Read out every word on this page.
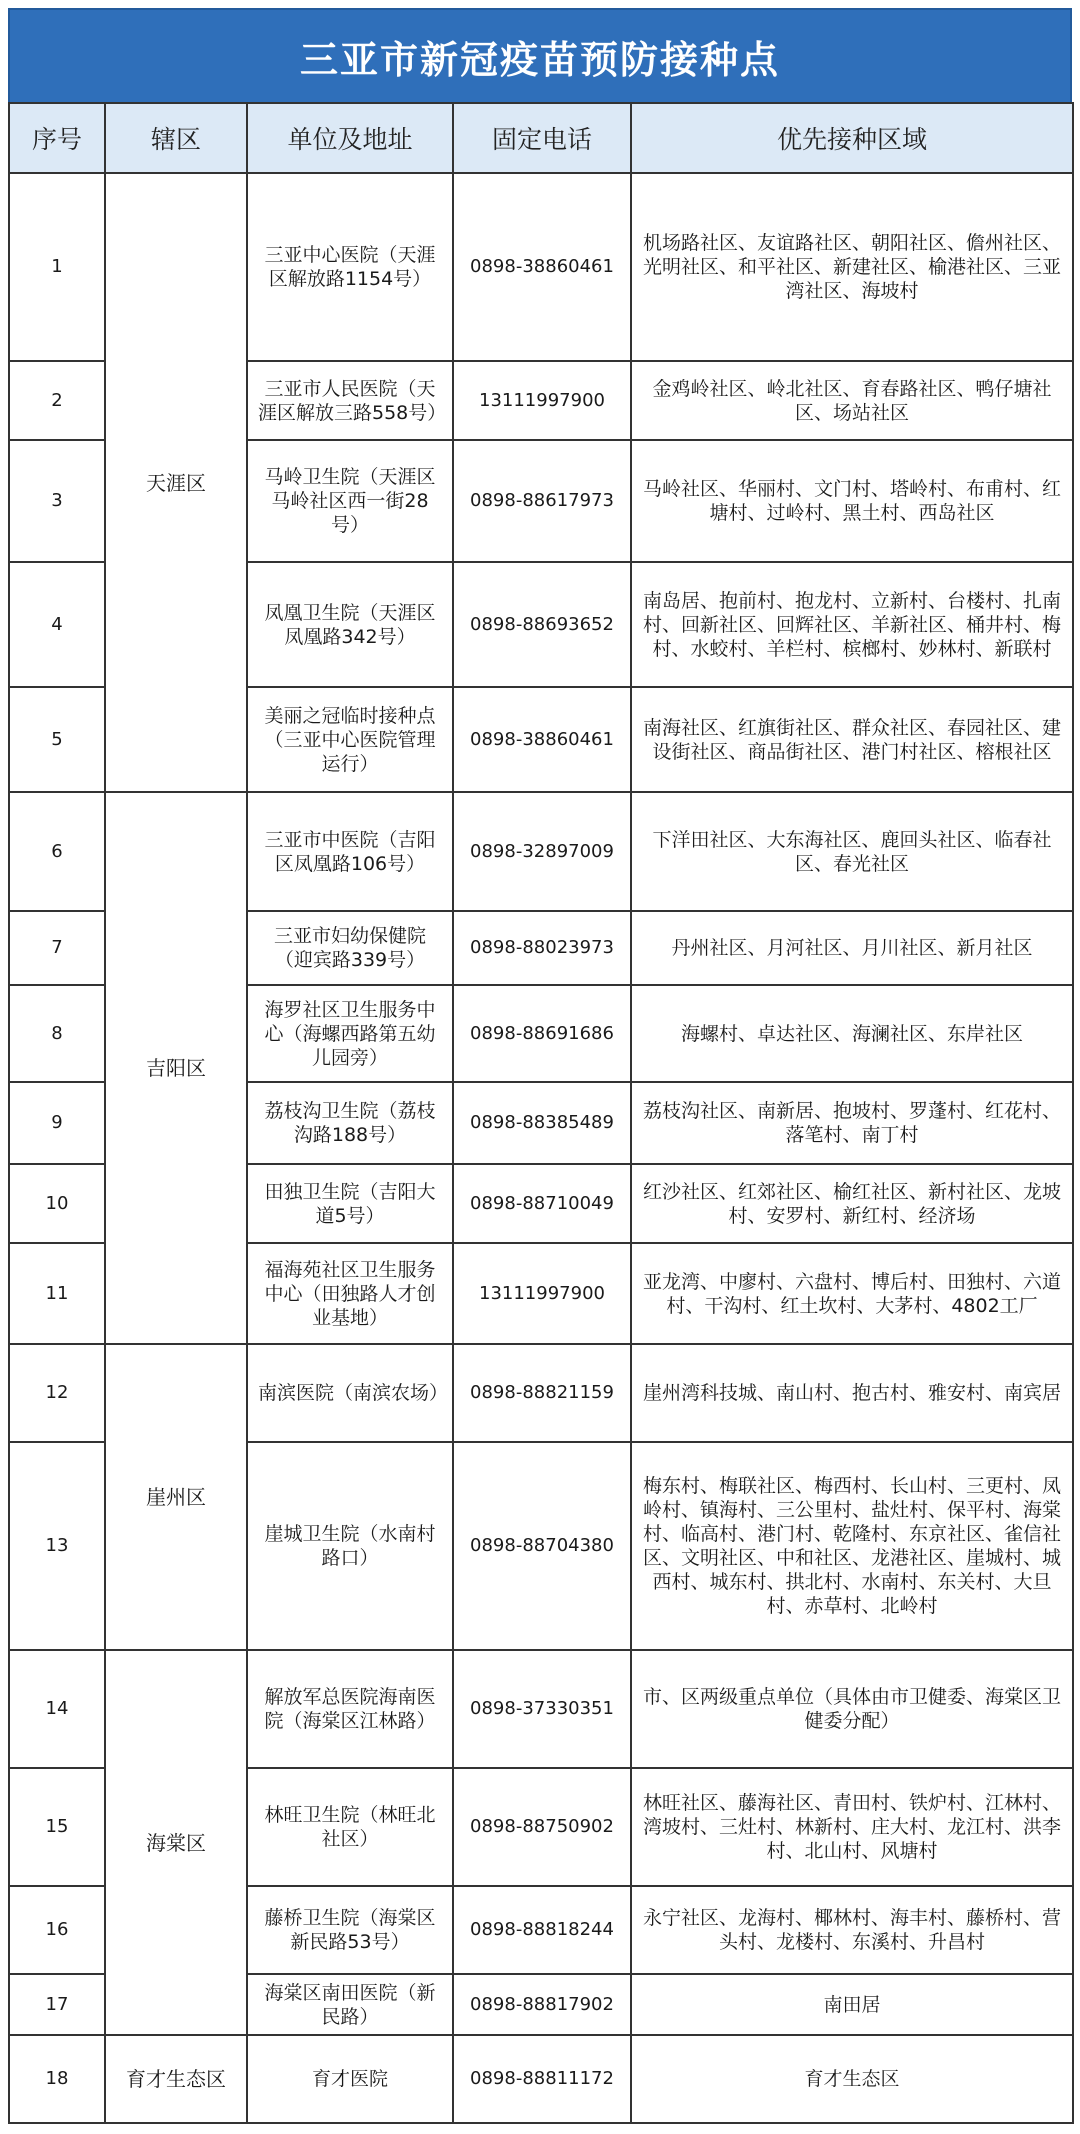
三亚市新冠疫苗预防接种点
序号	辖区	单位及地址	固定电话	优先接种区域
1	天涯区	三亚中心医院（天涯区解放路1154号）	0898-38860461	机场路社区、友谊路社区、朝阳社区、儋州社区、光明社区、和平社区、新建社区、榆港社区、三亚湾社区、海坡村
2		三亚市人民医院（天涯区解放三路558号）	13111997900	金鸡岭社区、岭北社区、育春路社区、鸭仔塘社区、场站社区
3		马岭卫生院（天涯区马岭社区西一街28号）	0898-88617973	马岭社区、华丽村、文门村、塔岭村、布甫村、红塘村、过岭村、黑土村、西岛社区
4		凤凰卫生院（天涯区凤凰路342号）	0898-88693652	南岛居、抱前村、抱龙村、立新村、台楼村、扎南村、回新社区、回辉社区、羊新社区、桶井村、梅村、水蛟村、羊栏村、槟榔村、妙林村、新联村
5		美丽之冠临时接种点（三亚中心医院管理运行）	0898-38860461	南海社区、红旗街社区、群众社区、春园社区、建设街社区、商品街社区、港门村社区、榕根社区
6	吉阳区	三亚市中医院（吉阳区凤凰路106号）	0898-32897009	下洋田社区、大东海社区、鹿回头社区、临春社区、春光社区
7		三亚市妇幼保健院（迎宾路339号）	0898-88023973	丹州社区、月河社区、月川社区、新月社区
8		海罗社区卫生服务中心（海螺西路第五幼儿园旁）	0898-88691686	海螺村、卓达社区、海澜社区、东岸社区
9		荔枝沟卫生院（荔枝沟路188号）	0898-88385489	荔枝沟社区、南新居、抱坡村、罗蓬村、红花村、落笔村、南丁村
10		田独卫生院（吉阳大道5号）	0898-88710049	红沙社区、红郊社区、榆红社区、新村社区、龙坡村、安罗村、新红村、经济场
11		福海苑社区卫生服务中心（田独路人才创业基地）	13111997900	亚龙湾、中廖村、六盘村、博后村、田独村、六道村、干沟村、红土坎村、大茅村、4802工厂
12	崖州区	南滨医院（南滨农场）	0898-88821159	崖州湾科技城、南山村、抱古村、雅安村、南宾居
13		崖城卫生院（水南村路口）	0898-88704380	梅东村、梅联社区、梅西村、长山村、三更村、凤岭村、镇海村、三公里村、盐灶村、保平村、海棠村、临高村、港门村、乾隆村、东京社区、雀信社区、文明社区、中和社区、龙港社区、崖城村、城西村、城东村、拱北村、水南村、东关村、大旦村、赤草村、北岭村
14	海棠区	解放军总医院海南医院（海棠区江林路）	0898-37330351	市、区两级重点单位（具体由市卫健委、海棠区卫健委分配）
15		林旺卫生院（林旺北社区）	0898-88750902	林旺社区、藤海社区、青田村、铁炉村、江林村、湾坡村、三灶村、林新村、庄大村、龙江村、洪李村、北山村、风塘村
16		藤桥卫生院（海棠区新民路53号）	0898-88818244	永宁社区、龙海村、椰林村、海丰村、藤桥村、营头村、龙楼村、东溪村、升昌村
17		海棠区南田医院（新民路）	0898-88817902	南田居
18	育才生态区	育才医院	0898-88811172	育才生态区
